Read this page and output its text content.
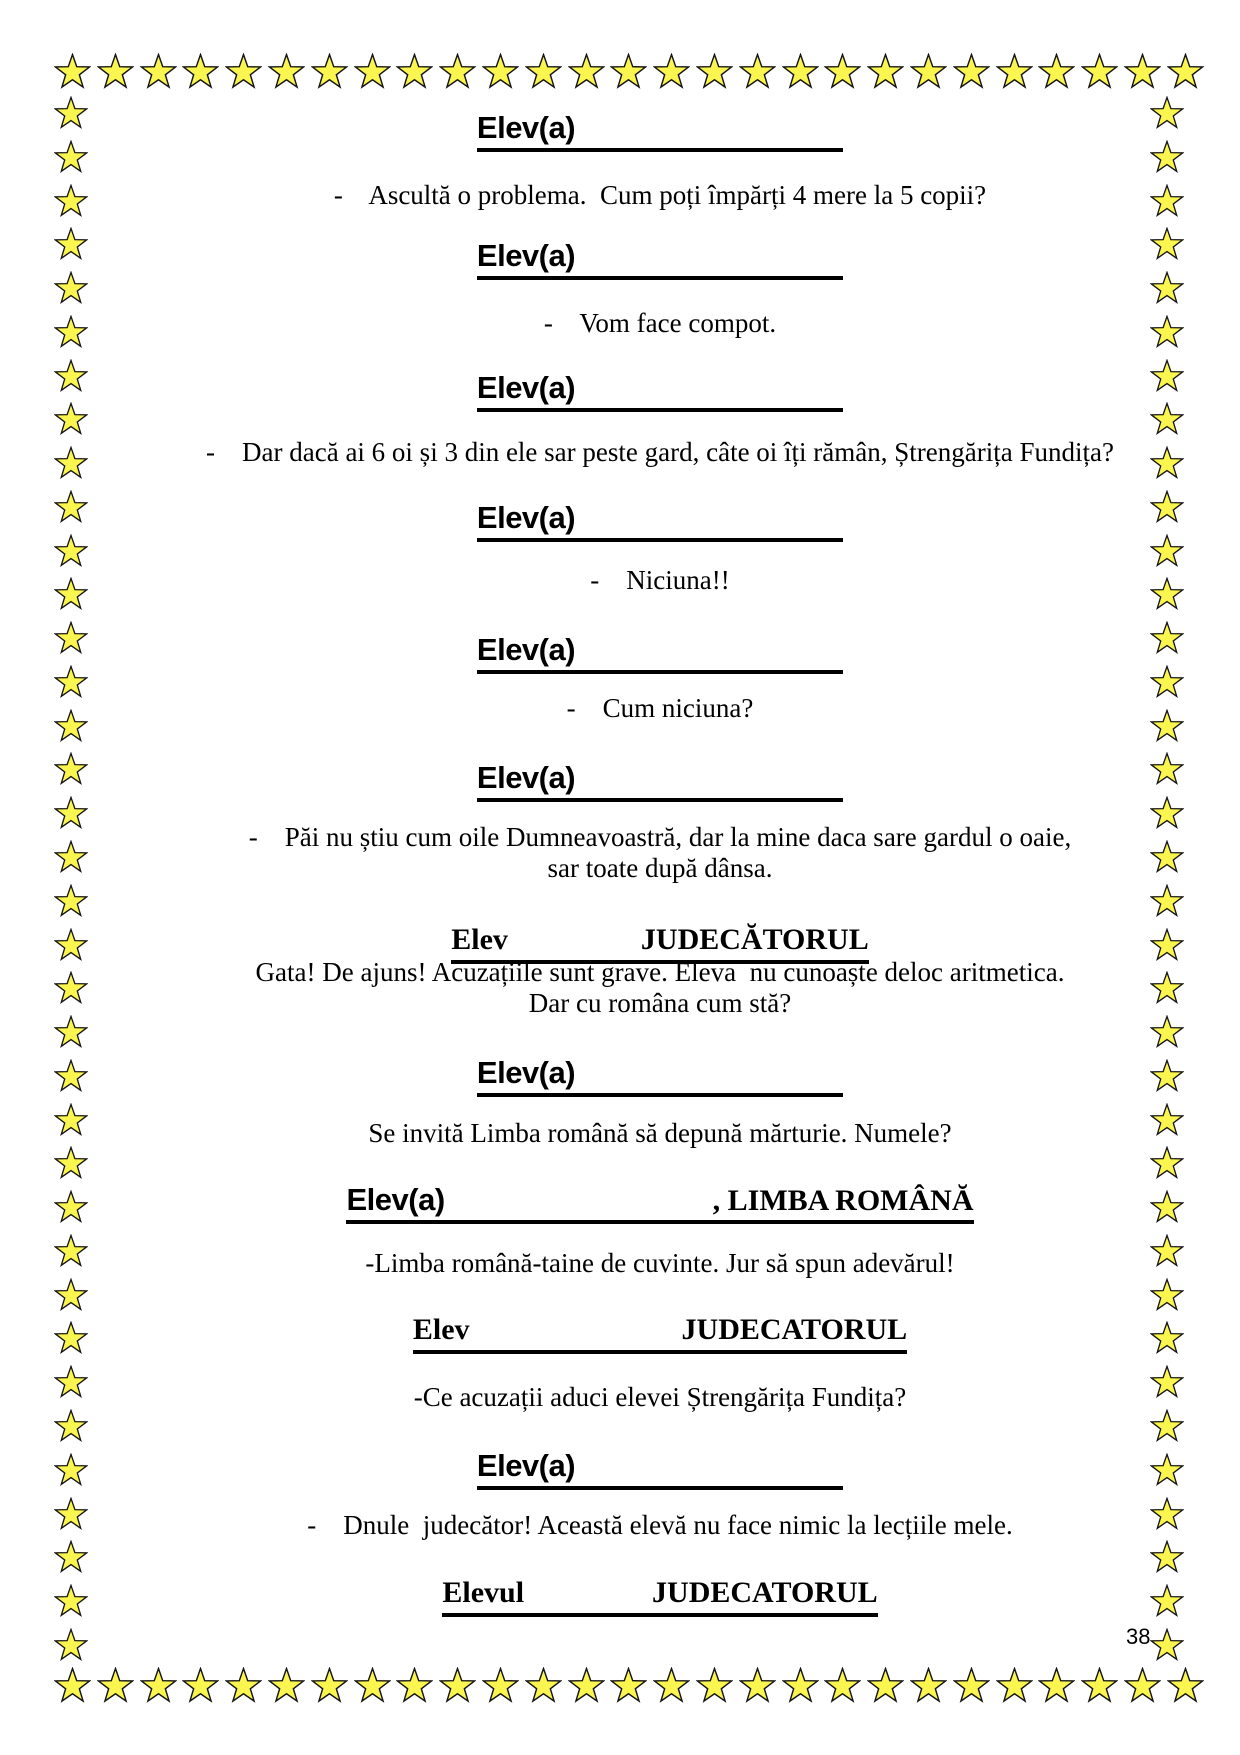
Elev(a)
-    Ascultă o problema.  Cum poți împărți 4 mere la 5 copii?
Elev(a)
-    Vom face compot.
Elev(a)
-    Dar dacă ai 6 oi și 3 din ele sar peste gard, câte oi îți rămân, Ștrengărița Fundița?
Elev(a)
-    Niciuna!!
Elev(a)
-    Cum niciuna?
Elev(a)
-    Păi nu știu cum oile Dumneavoastră, dar la mine daca sare gardul o oaie,
sar toate după dânsa.
Elev	JUDECĂTORUL
Gata! De ajuns! Acuzațiile sunt grave. Eleva  nu cunoaște deloc aritmetica.
Dar cu româna cum stă?
Elev(a)
Se invită Limba română să depună mărturie. Numele?
Elev(a)	, LIMBA ROMÂNĂ
-Limba română-taine de cuvinte. Jur să spun adevărul!
Elev	JUDECATORUL
-Ce acuzații aduci elevei Ștrengărița Fundița?
Elev(a)
-    Dnule  judecător! Această elevă nu face nimic la lecțiile mele.
Elevul	JUDECATORUL
38
